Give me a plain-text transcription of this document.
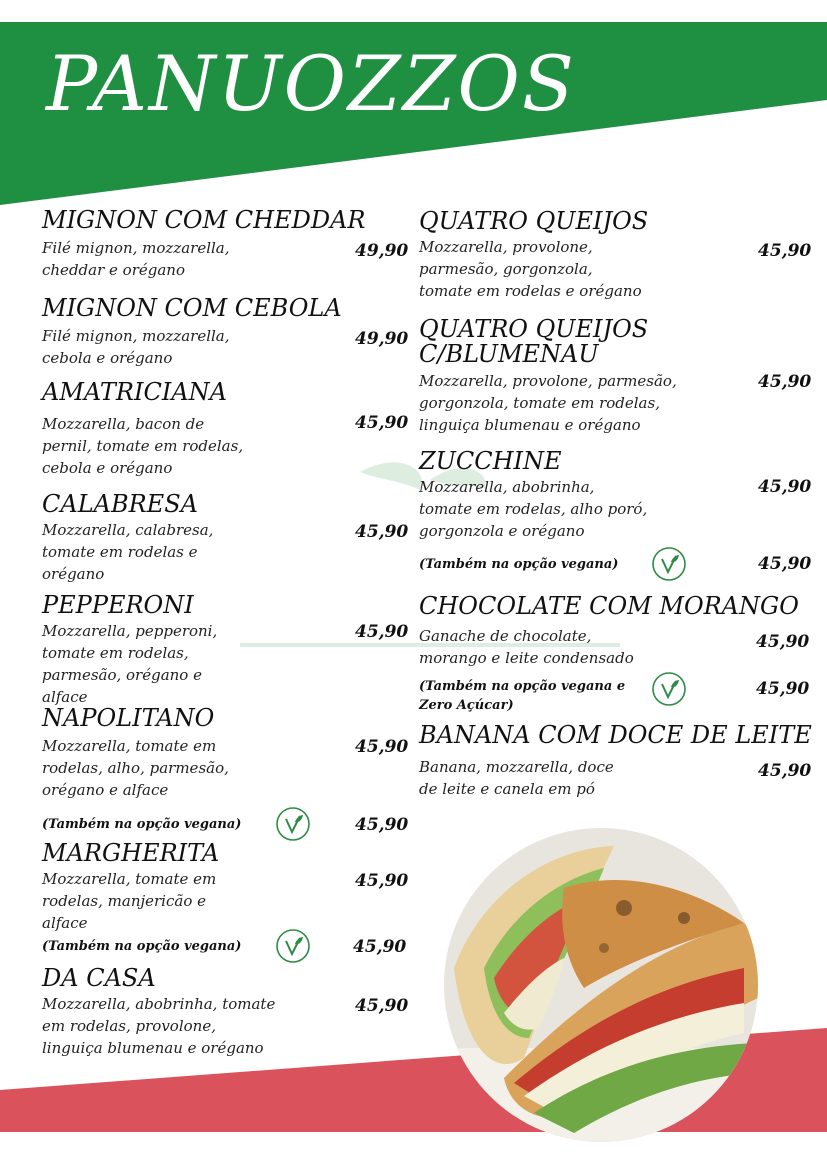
PANUOZZOS
MIGNON COM CHEDDAR
Filé mignon, mozzarella,
cheddar e orégano
49,90
MIGNON COM CEBOLA
Filé mignon, mozzarella,
cebola e orégano
49,90
AMATRICIANA
Mozzarella, bacon de
pernil, tomate em rodelas,
cebola e orégano
45,90
CALABRESA
Mozzarella, calabresa,
tomate em rodelas e
orégano
45,90
PEPPERONI
Mozzarella, pepperoni,
tomate em rodelas,
parmesão, orégano e
alface
45,90
NAPOLITANO
Mozzarella, tomate em
rodelas, alho, parmesão,
orégano e alface
45,90
(Também na opção vegana)	45,90
MARGHERITA
Mozzarella, tomate em
rodelas, manjericão e
alface
45,90
(Também na opção vegana)	45,90
DA CASA
Mozzarella, abobrinha, tomate
em rodelas, provolone,
linguiça blumenau e orégano
45,90
QUATRO QUEIJOS
Mozzarella, provolone,
parmesão, gorgonzola,
tomate em rodelas e orégano
45,90
QUATRO QUEIJOS
C/BLUMENAU
Mozzarella, provolone, parmesão,
gorgonzola, tomate em rodelas,
linguiça blumenau e orégano
45,90
ZUCCHINE
Mozzarella, abobrinha,
tomate em rodelas, alho poró,
gorgonzola e orégano
45,90
(Também na opção vegana)	45,90
CHOCOLATE COM MORANGO
Ganache de chocolate,
morango e leite condensado
45,90
(Também na opção vegana e
Zero Açúcar)
45,90
BANANA COM DOCE DE LEITE
Banana, mozzarella, doce
de leite e canela em pó
45,90
